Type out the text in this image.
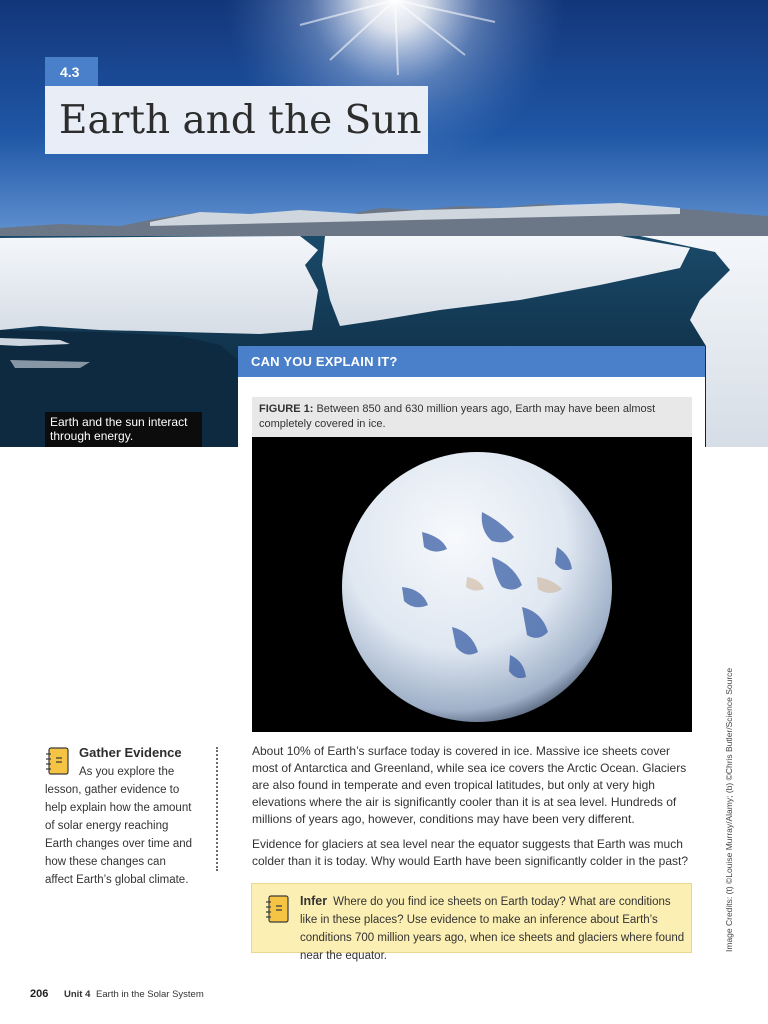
4.3
Earth and the Sun
Earth and the sun interact through energy.
CAN YOU EXPLAIN IT?
FIGURE 1: Between 850 and 630 million years ago, Earth may have been almost completely covered in ice.
Gather Evidence
As you explore the lesson, gather evidence to help explain how the amount of solar energy reaching Earth changes over time and how these changes can affect Earth’s global climate.

About 10% of Earth’s surface today is covered in ice. Massive ice sheets cover most of Antarctica and Greenland, while sea ice covers the Arctic Ocean. Glaciers are also found in temperate and even tropical latitudes, but only at very high elevations where the air is significantly cooler than it is at sea level. Hundreds of millions of years ago, however, conditions may have been very different.

Evidence for glaciers at sea level near the equator suggests that Earth was much colder than it is today. Why would Earth have been significantly colder in the past?

Infer Where do you find ice sheets on Earth today? What are conditions like in these places? Use evidence to make an inference about Earth’s conditions 700 million years ago, when ice sheets and glaciers where found near the equator.
Image Credits: (t) ©Louise Murray/Alamy; (b) ©Chris Butler/Science Source
206 Unit 4 Earth in the Solar System
